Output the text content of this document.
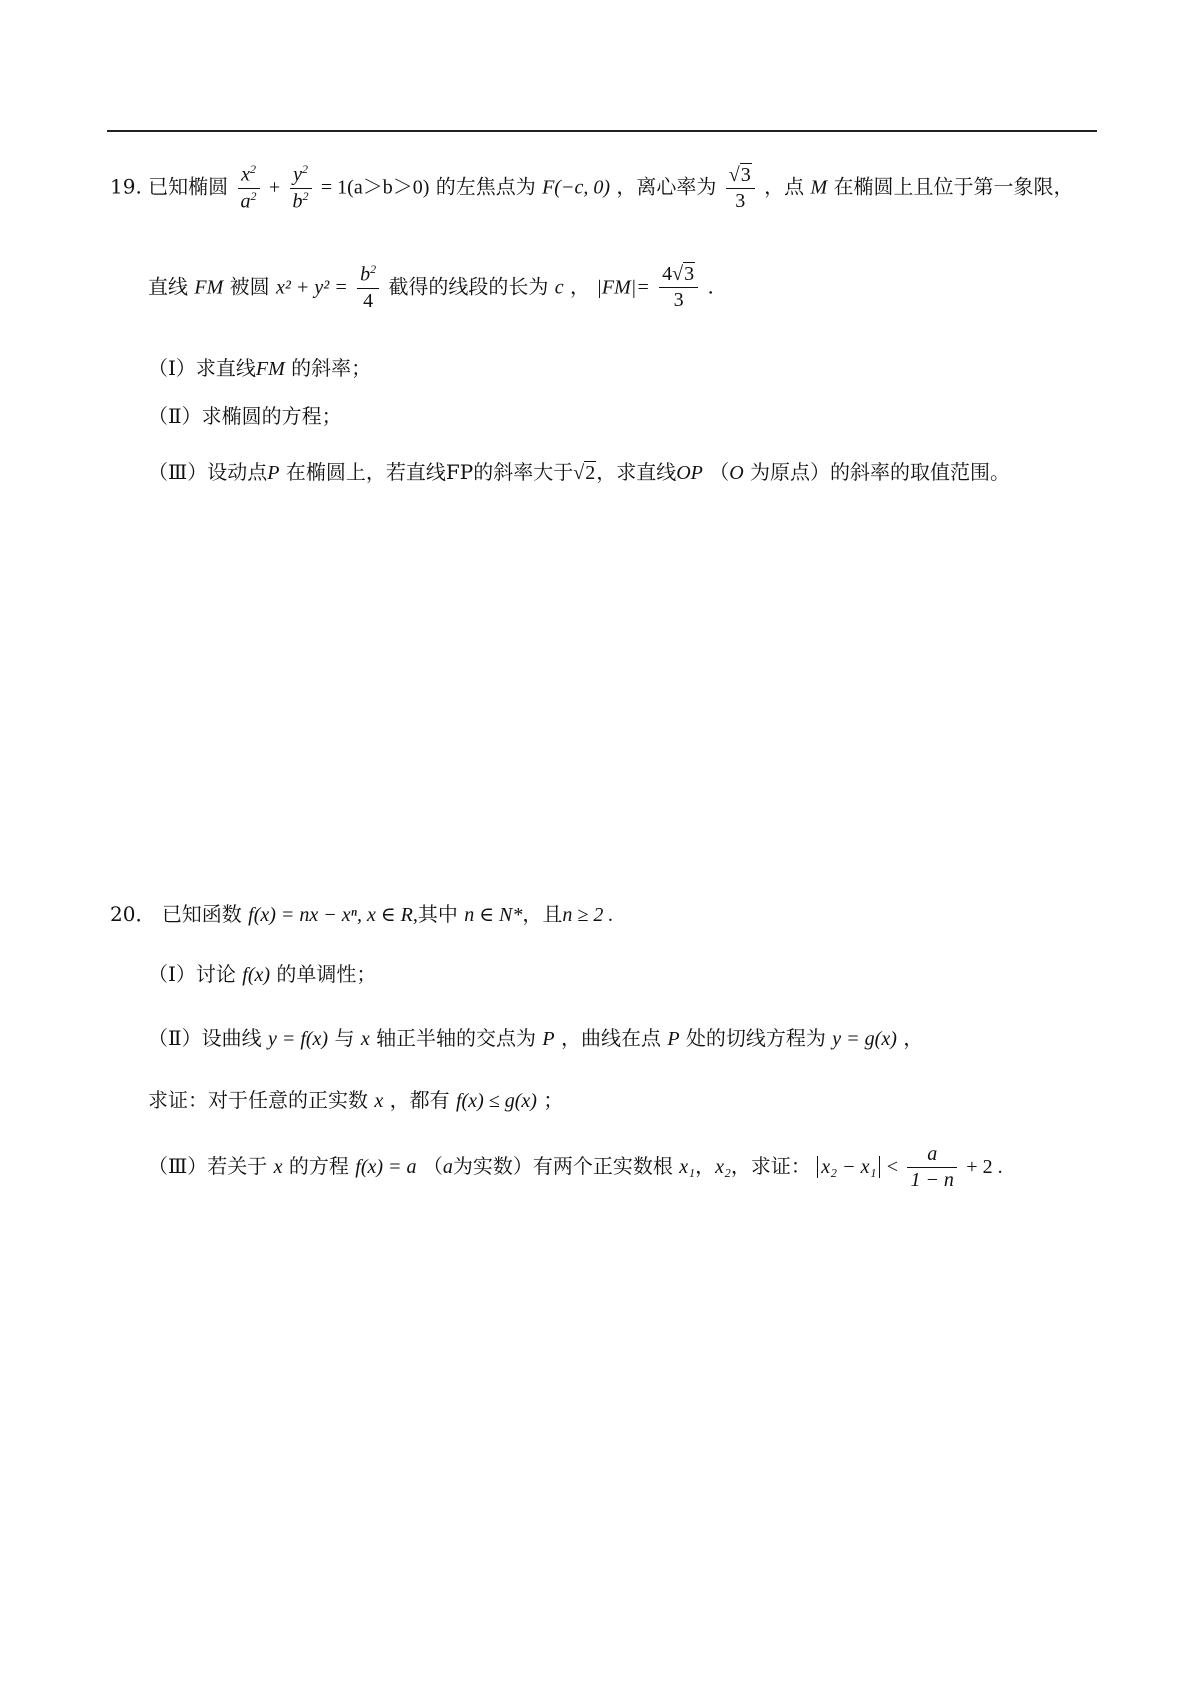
19. 已知椭圆 $\frac{x^2}{a^2} + \frac{y^2}{b^2} = 1(a>b>0)$ 的左焦点为 F(−c, 0) ，离心率为 $\frac{√3}{3}$ ，点 M 在椭圆上且位于第一象限，
直线 FM 被圆 $x^2 + y^2 = \frac{b^2}{4}$ 截得的线段的长为 c ， $|FM|= \frac{4√3}{3}$ .
（Ⅰ）求直线FM 的斜率；
（Ⅱ）求椭圆的方程；
（Ⅲ）设动点P 在椭圆上，若直线FP的斜率大于√2，求直线OP （O 为原点）的斜率的取值范围。
20． 已知函数 f(x) = nx − xⁿ, x ∈ R,其中 n ∈ N*，且n ≥ 2 .
（Ⅰ）讨论 f(x) 的单调性；
（Ⅱ）设曲线 y = f(x) 与 x 轴正半轴的交点为 P ，曲线在点 P 处的切线方程为 y = g(x) ，
求证：对于任意的正实数 x ，都有 f(x) ≤ g(x) ；
（Ⅲ）若关于 x 的方程 f(x) = a （a为实数）有两个正实数根 x₁，x₂，求证： $x_2 - x_1 < \frac{a}{1 - n} + 2$ .
